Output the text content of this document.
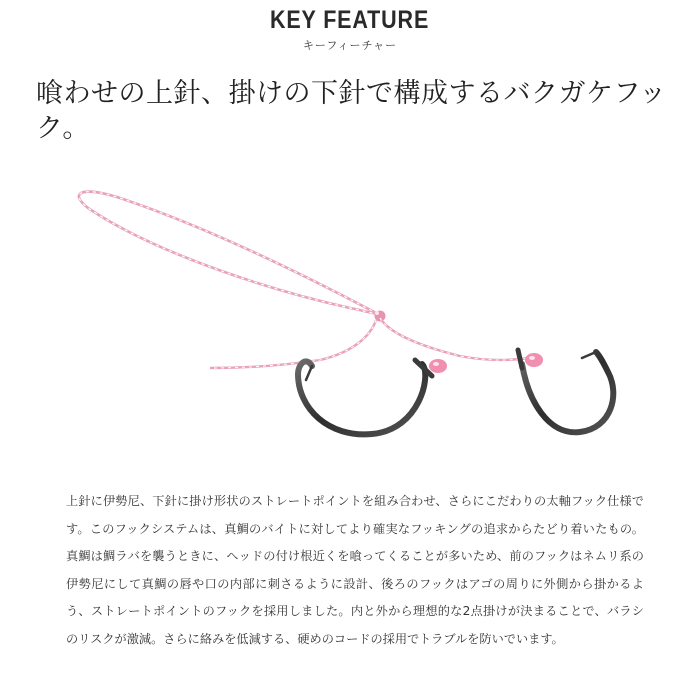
KEY FEATURE
キーフィーチャー
喰わせの上針、掛けの下針で構成するバクガケフック。

上針に伊勢尼、下針に掛け形状のストレートポイントを組み合わせ、さらにこだわりの太軸フック仕様です。このフックシステムは、真鯛のバイトに対してより確実なフッキングの追求からたどり着いたもの。真鯛は鯛ラバを襲うときに、ヘッドの付け根近くを喰ってくることが多いため、前のフックはネムリ系の伊勢尼にして真鯛の唇や口の内部に刺さるように設計、後ろのフックはアゴの周りに外側から掛かるよう、ストレートポイントのフックを採用しました。内と外から理想的な2点掛けが決まることで、バラシのリスクが激減。さらに絡みを低減する、硬めのコードの採用でトラブルを防いでいます。
